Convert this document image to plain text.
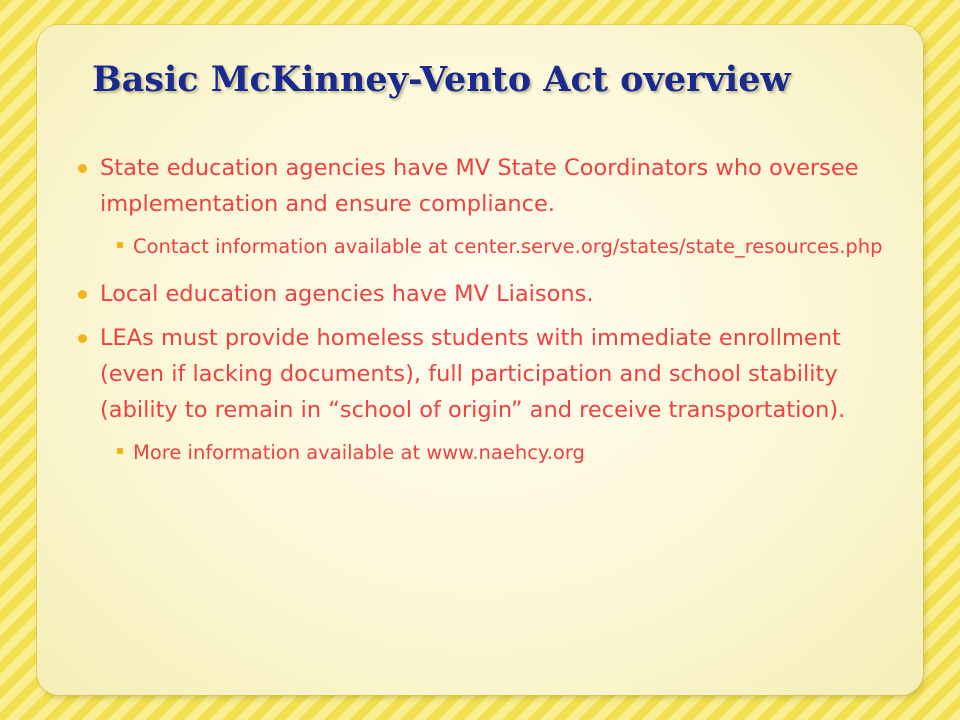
Basic McKinney-Vento Act overview
State education agencies have MV State Coordinators who oversee implementation and ensure compliance.
Contact information available at center.serve.org/states/state_resources.php
Local education agencies have MV Liaisons.
LEAs must provide homeless students with immediate enrollment (even if lacking documents), full participation and school stability (ability to remain in “school of origin” and receive transportation).
More information available at www.naehcy.org
